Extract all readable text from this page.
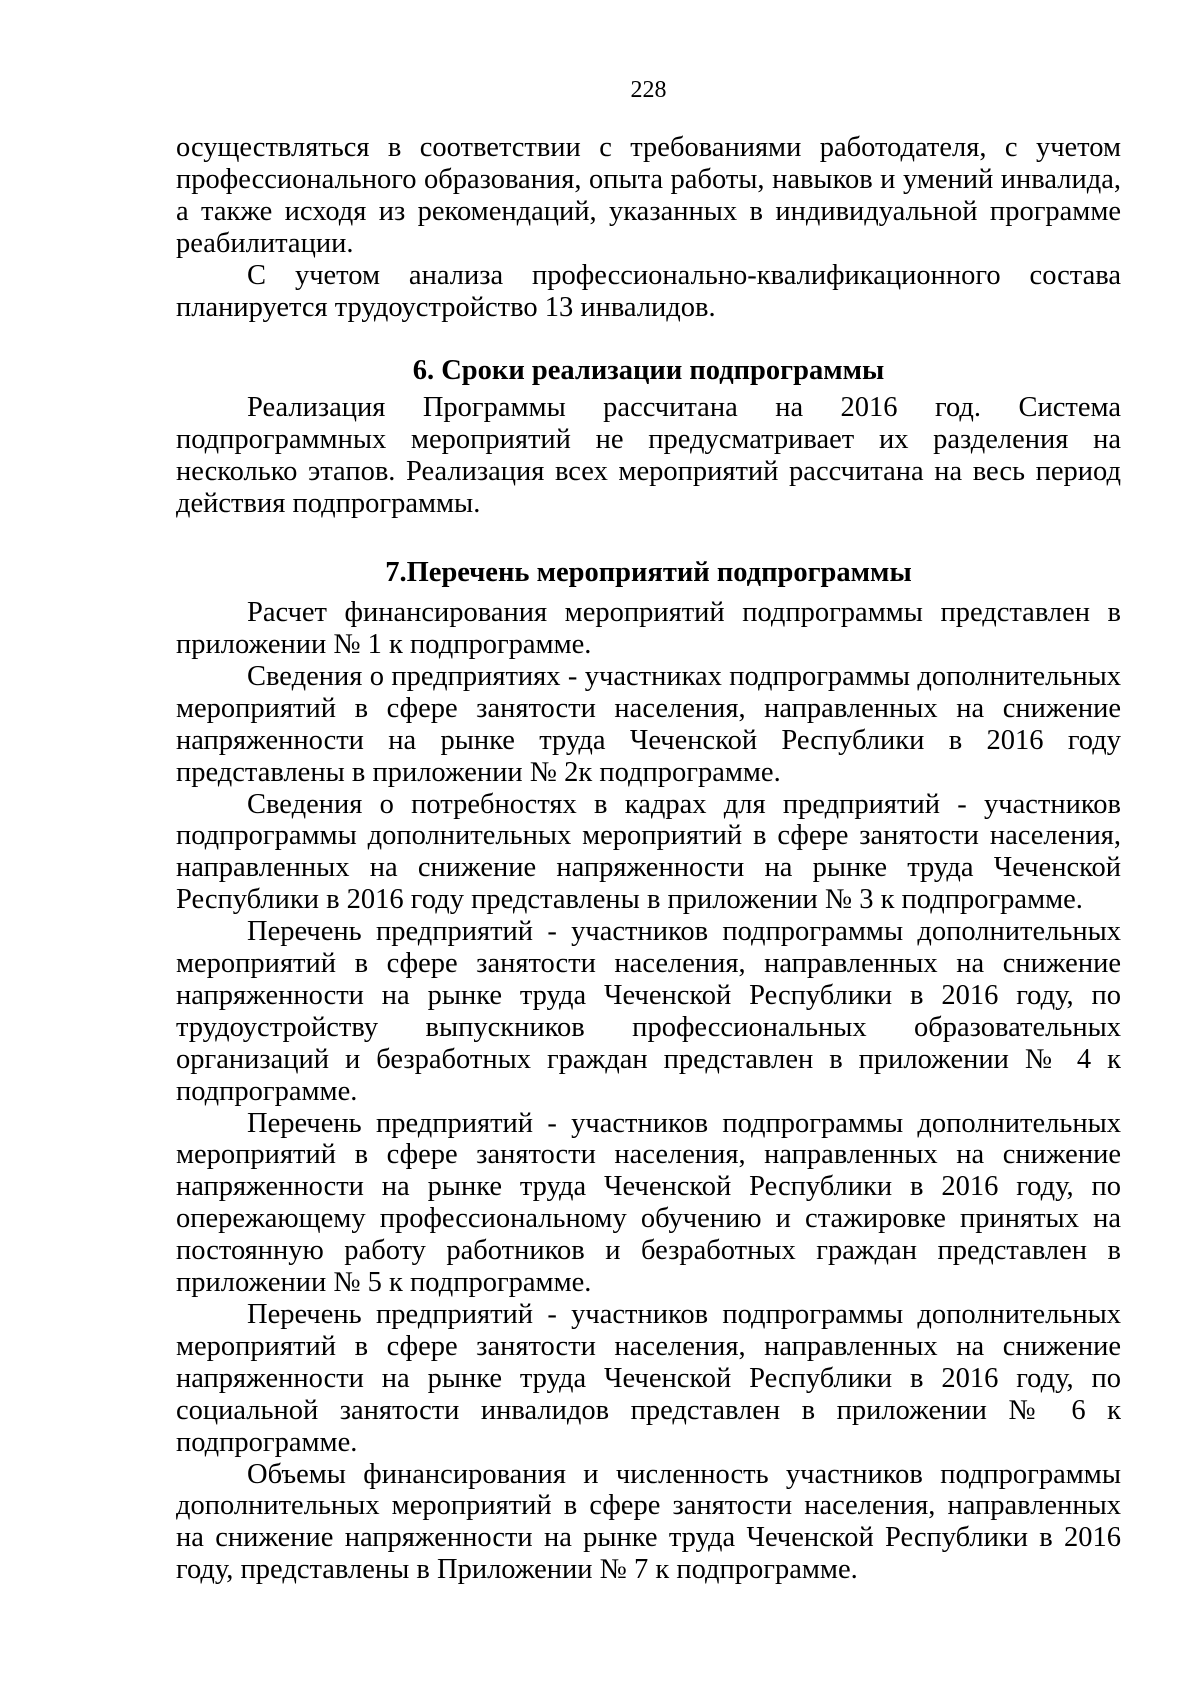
228

осуществляться в соответствии с требованиями работодателя, с учетом профессионального образования, опыта работы, навыков и умений инвалида, а также исходя из рекомендаций, указанных в индивидуальной программе реабилитации.

С учетом анализа профессионально-квалификационного состава планируется трудоустройство 13 инвалидов.

6. Сроки реализации подпрограммы

Реализация Программы рассчитана на 2016 год. Система подпрограммных мероприятий не предусматривает их разделения на несколько этапов. Реализация всех мероприятий рассчитана на весь период действия подпрограммы.

7.Перечень мероприятий подпрограммы

Расчет финансирования мероприятий подпрограммы представлен в приложении № 1 к подпрограмме.

Сведения о предприятиях - участниках подпрограммы дополнительных мероприятий в сфере занятости населения, направленных на снижение напряженности на рынке труда Чеченской Республики в 2016 году представлены в приложении № 2к подпрограмме.

Сведения о потребностях в кадрах для предприятий - участников подпрограммы дополнительных мероприятий в сфере занятости населения, направленных на снижение напряженности на рынке труда Чеченской Республики в 2016 году представлены в приложении № 3 к подпрограмме.

Перечень предприятий - участников подпрограммы дополнительных мероприятий в сфере занятости населения, направленных на снижение напряженности на рынке труда Чеченской Республики в 2016 году, по трудоустройству выпускников профессиональных образовательных организаций и безработных граждан представлен в приложении № 4 к подпрограмме.

Перечень предприятий - участников подпрограммы дополнительных мероприятий в сфере занятости населения, направленных на снижение напряженности на рынке труда Чеченской Республики в 2016 году, по опережающему профессиональному обучению и стажировке принятых на постоянную работу работников и безработных граждан представлен в приложении № 5 к подпрограмме.

Перечень предприятий - участников подпрограммы дополнительных мероприятий в сфере занятости населения, направленных на снижение напряженности на рынке труда Чеченской Республики в 2016 году, по социальной занятости инвалидов представлен в приложении № 6 к подпрограмме.

Объемы финансирования и численность участников подпрограммы дополнительных мероприятий в сфере занятости населения, направленных на снижение напряженности на рынке труда Чеченской Республики в 2016 году, представлены в Приложении № 7 к подпрограмме.
